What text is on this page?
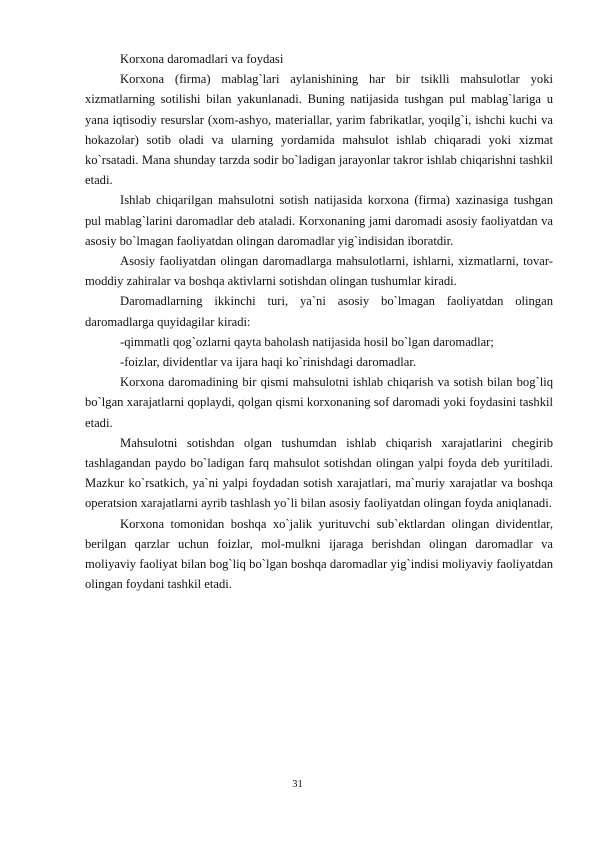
Korxona daromadlari va foydasi

Korxona (firma) mablag`lari aylanishining har bir tsiklli mahsulotlar yoki xizmatlarning sotilishi bilan yakunlanadi. Buning natijasida tushgan pul mablag`lariga u yana iqtisodiy resurslar (xom-ashyo, materiallar, yarim fabrikatlar, yoqilg`i, ishchi kuchi va hokazolar) sotib oladi va ularning yordamida mahsulot ishlab chiqaradi yoki xizmat ko`rsatadi. Mana shunday tarzda sodir bo`ladigan jarayonlar takror ishlab chiqarishni tashkil etadi.

Ishlab chiqarilgan mahsulotni sotish natijasida korxona (firma) xazinasiga tushgan pul mablag`larini daromadlar deb ataladi. Korxonaning jami daromadi asosiy faoliyatdan va asosiy bo`lmagan faoliyatdan olingan daromadlar yig`indisidan iboratdir.

Asosiy faoliyatdan olingan daromadlarga mahsulotlarni, ishlarni, xizmatlarni, tovar-moddiy zahiralar va boshqa aktivlarni sotishdan olingan tushumlar kiradi.

Daromadlarning ikkinchi turi, ya`ni asosiy bo`lmagan faoliyatdan olingan daromadlarga quyidagilar kiradi:

-qimmatli qog`ozlarni qayta baholash natijasida hosil bo`lgan daromadlar;

-foizlar, dividentlar va ijara haqi ko`rinishdagi daromadlar.

Korxona daromadining bir qismi mahsulotni ishlab chiqarish va sotish bilan bog`liq bo`lgan xarajatlarni qoplaydi, qolgan qismi korxonaning sof daromadi yoki foydasini tashkil etadi.

Mahsulotni sotishdan olgan tushumdan ishlab chiqarish xarajatlarini chegirib tashlagandan paydo bo`ladigan farq mahsulot sotishdan olingan yalpi foyda deb yuritiladi. Mazkur ko`rsatkich, ya`ni yalpi foydadan sotish xarajatlari, ma`muriy xarajatlar va boshqa operatsion xarajatlarni ayrib tashlash yo`li bilan asosiy faoliyatdan olingan foyda aniqlanadi.

Korxona tomonidan boshqa xo`jalik yurituvchi sub`ektlardan olingan dividentlar, berilgan qarzlar uchun foizlar, mol-mulkni ijaraga berishdan olingan daromadlar va moliyaviy faoliyat bilan bog`liq bo`lgan boshqa daromadlar yig`indisi moliyaviy faoliyatdan olingan foydani tashkil etadi.

31
